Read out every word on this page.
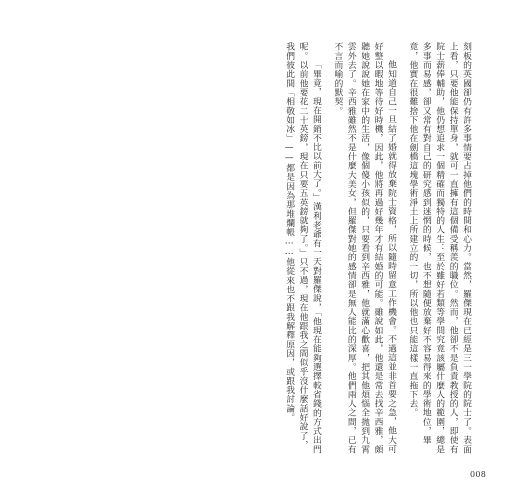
刻板的英國卻仍有許多事情要占掉他們的時間和心力。當然，羅傑現在已經是三一學院的院士了。表面上看，只要他能保持單身，就可一直擁有這個備受稱羨的職位。然而，他卻不是負責教授的人，即使有院士薪俸輔助，他仍想追求一個精確而獨特的人生：至於雖好若類等學問究竟該屬什麼人的範圍，總是多事而易感，卻又常有對自己的研究感到迷惘的時候，也不想隨便放棄好不容易得來的學術地位，畢竟，他實在很難捨下他在劍橋這塊學術淨土上所建立的一切，所以他也只能這樣一直拖下去。

他知道自己一旦結了婚就得放棄院士資格，所以隨時留意工作機會。不過這並非首要之急，他大可好整以暇地等待好時機，因此，他將再過好幾年才有結婚的可能。雖說如此，他還是常去找辛西雅，頗聽她說說她在家中的生活，像個傻小孩似的，只要看到辛西雅，他就滿心歡喜，把其他煩惱全拋到九霄雲外去了。辛西雅雖然不是什麼大美女，但羅傑對她的感情卻是無人能比的深厚。他們兩人之間，已有不言而喻的默契。

「畢竟，現在開銷不比以前大了。」漢利老爺有一天對羅傑說，「他現在能夠選擇較省錢的方式出門呢。以前他要花二十英鎊，現在只要五英鎊就夠了。」只不過，現在他跟我之間似乎沒什麼話好說了，我們彼此間「相敬如冰」——都是因為那堆爛帳……他從來也不跟我解釋原因，或跟我討論。

008
